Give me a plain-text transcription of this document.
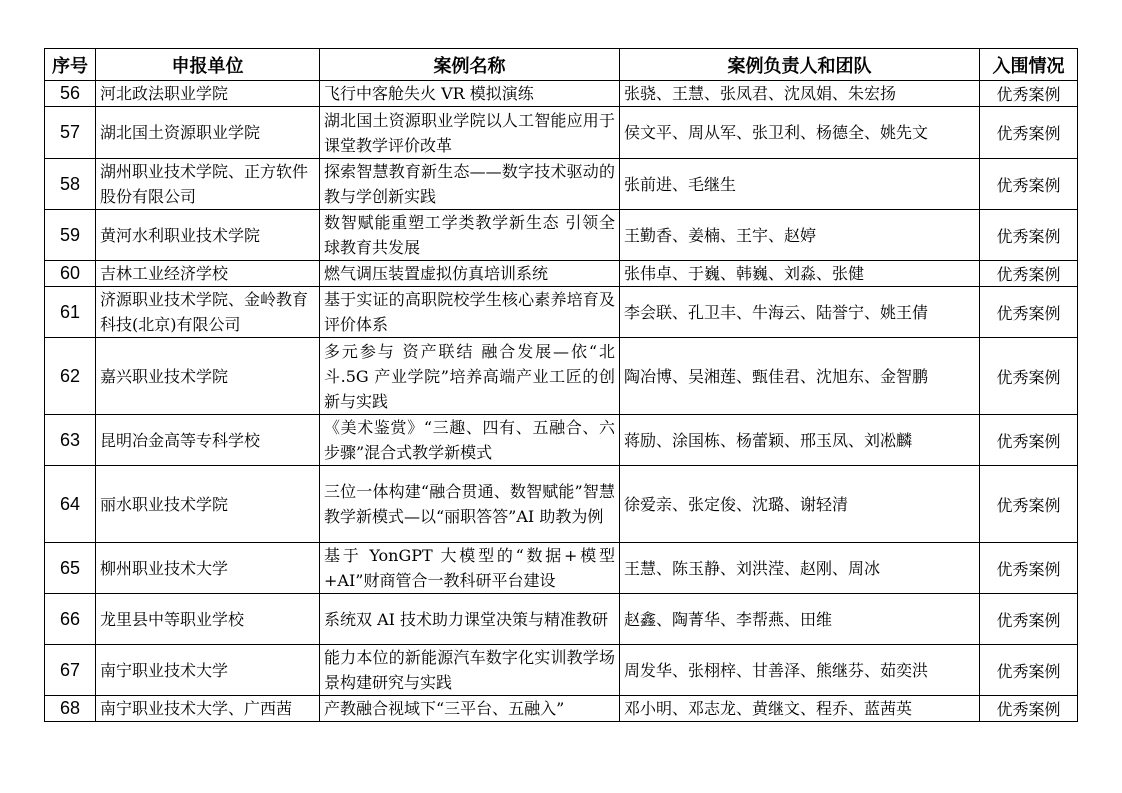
序号	申报单位	案例名称	案例负责人和团队	入围情况
56	河北政法职业学院	飞行中客舱失火 VR 模拟演练	张骁、王慧、张凤君、沈凤娟、朱宏扬	优秀案例
57	湖北国土资源职业学院	湖北国土资源职业学院以人工智能应用于课堂教学评价改革	侯文平、周从军、张卫利、杨德全、姚先文	优秀案例
58	湖州职业技术学院、正方软件股份有限公司	探索智慧教育新生态——数字技术驱动的教与学创新实践	张前进、毛继生	优秀案例
59	黄河水利职业技术学院	数智赋能重塑工学类教学新生态 引领全球教育共发展	王勤香、姜楠、王宇、赵婷	优秀案例
60	吉林工业经济学校	燃气调压装置虚拟仿真培训系统	张伟卓、于巍、韩巍、刘淼、张健	优秀案例
61	济源职业技术学院、金岭教育科技(北京)有限公司	基于实证的高职院校学生核心素养培育及评价体系	李会联、孔卫丰、牛海云、陆誉宁、姚王倩	优秀案例
62	嘉兴职业技术学院	多元参与 资产联结 融合发展—依“北斗.5G 产业学院”培养高端产业工匠的创新与实践	陶冶博、吴湘莲、甄佳君、沈旭东、金智鹏	优秀案例
63	昆明冶金高等专科学校	《美术鉴赏》“三趣、四有、五融合、六步骤”混合式教学新模式	蒋励、涂国栋、杨蕾颖、邢玉凤、刘凇麟	优秀案例
64	丽水职业技术学院	三位一体构建“融合贯通、数智赋能”智慧教学新模式—以“丽职答答”AI 助教为例	徐爱亲、张定俊、沈璐、谢轻清	优秀案例
65	柳州职业技术大学	基于 YonGPT 大模型的“数据+模型+AI”财商管合一教科研平台建设	王慧、陈玉静、刘洪滢、赵刚、周冰	优秀案例
66	龙里县中等职业学校	系统双 AI 技术助力课堂决策与精准教研	赵鑫、陶菁华、李帮燕、田维	优秀案例
67	南宁职业技术大学	能力本位的新能源汽车数字化实训教学场景构建研究与实践	周发华、张栩梓、甘善泽、熊继芬、茹奕洪	优秀案例
68	南宁职业技术大学、广西茜	产教融合视域下“三平台、五融入”	邓小明、邓志龙、黄继文、程乔、蓝茜英	优秀案例
